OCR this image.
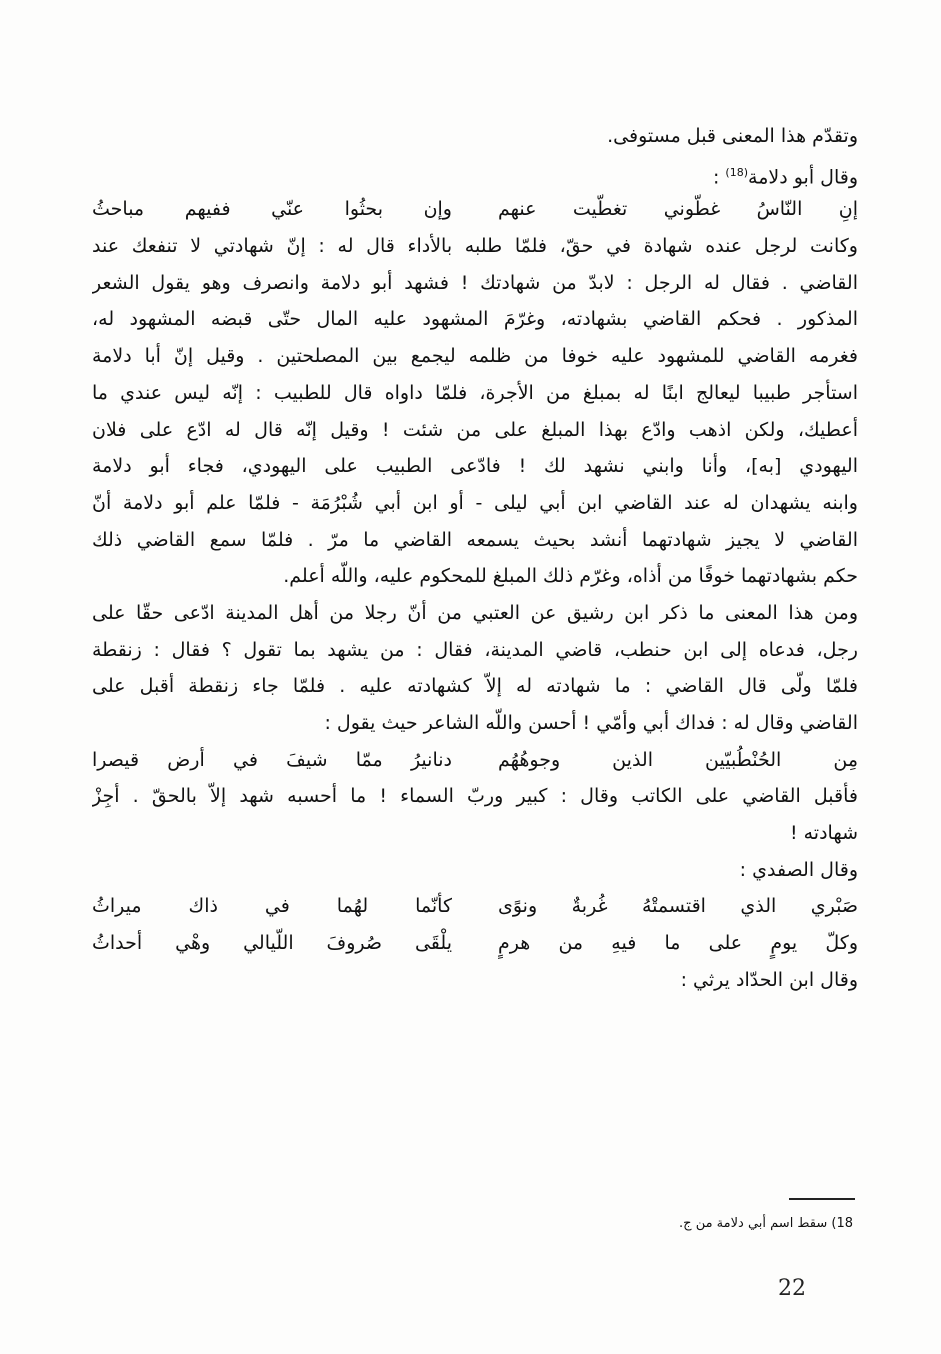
وتقدّم هذا المعنى قبل مستوفى.
وقال أبو دلامة$^{(18)}$ :
إنِ النّاسُ غطّوني تغطّيت عنهم
وإن بحثُوا عنّي ففيهم مباحثُ
وكانت لرجل عنده شهادة في حقّ، فلمّا طلبه بالأداء قال له : إنّ شهادتي لا تنفعك عند
القاضي . فقال له الرجل : لابدّ من شهادتك ! فشهد أبو دلامة وانصرف وهو يقول الشعر
المذكور . فحكم القاضي بشهادته، وغرّمَ المشهود عليه المال حتّى قبضه المشهود له،
فغرمه القاضي للمشهود عليه خوفا من ظلمه ليجمع بين المصلحتين . وقيل إنّ أبا دلامة
استأجر طبيبا ليعالج ابنًا له بمبلغ من الأجرة، فلمّا داواه قال للطبيب : إنّه ليس عندي ما
أعطيك، ولكن اذهب وادّع بهذا المبلغ على من شئت ! وقيل إنّه قال له ادّع على فلان
اليهودي [به]، وأنا وابني نشهد لك ! فادّعى الطبيب على اليهودي، فجاء أبو دلامة
وابنه يشهدان له عند القاضي ابن أبي ليلى - أو ابن أبي شُبْرُمَة - فلمّا علم أبو دلامة أنّ
القاضي لا يجيز شهادتهما أنشد بحيث يسمعه القاضي ما مرّ . فلمّا سمع القاضي ذلك
حكم بشهادتهما خوفًا من أذاه، وغرّم ذلك المبلغ للمحكوم عليه، واللّه أعلم.
ومن هذا المعنى ما ذكر ابن رشيق عن العتبي من أنّ رجلا من أهل المدينة ادّعى حقّا على
رجل، فدعاه إلى ابن حنطب، قاضي المدينة، فقال : من يشهد بما تقول ؟ فقال : زنقطة
فلمّا ولّى قال القاضي : ما شهادته له إلاّ كشهادته عليه . فلمّا جاء زنقطة أقبل على
القاضي وقال له : فداك أبي وأمّي ! أحسن واللّه الشاعر حيث يقول :
مِن الحُنْطُبيّين الذين وجوهُهُم
دنانيرُ ممّا شيفَ في أرض قيصرا
فأقبل القاضي على الكاتب وقال : كبير وربّ السماء ! ما أحسبه شهد إلاّ بالحقّ . أجِزْ
شهادته !
وقال الصفدي :
صَبْري الذي اقتسمتْهُ غُربةٌ ونوًى
كأنّما لهُما في ذاك ميراثُ
وكلّ يومٍ على ما فيهِ من هرمٍ
يلْقَى صُروفَ اللّيالي وهْي أحداثُ
وقال ابن الحدّاد يرثي :
18) سقط اسم أبي دلامة من ج.
22
